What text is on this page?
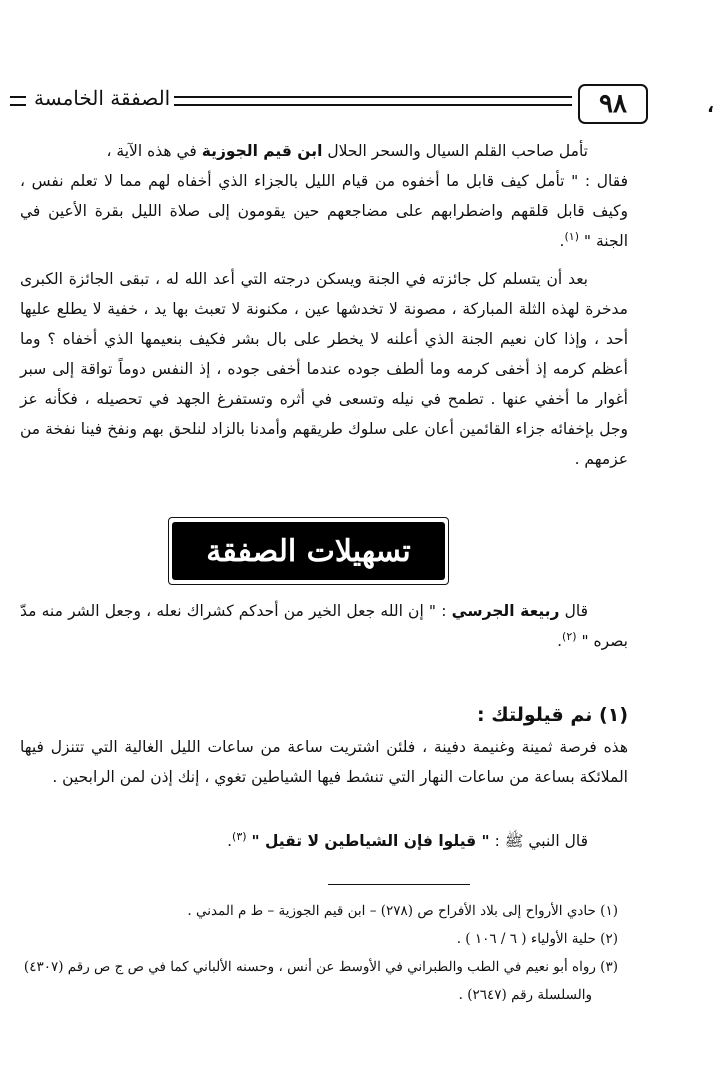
٩٨
الصفقة الخامسة	،

تأمل صاحب القلم السيال والسحر الحلال ابن قيم الجوزية في هذه الآية ،

فقال : " تأمل كيف قابل ما أخفوه من قيام الليل بالجزاء الذي أخفاه لهم مما لا تعلم نفس ، وكيف قابل قلقهم واضطرابهم على مضاجعهم حين يقومون إلى صلاة الليل بقرة الأعين في الجنة " $^{(١)}$.

بعد أن يتسلم كل جائزته في الجنة ويسكن درجته التي أعد الله له ، تبقى الجائزة الكبرى مدخرة لهذه الثلة المباركة ، مصونة لا تخدشها عين ، مكنونة لا تعبث بها يد ، خفية لا يطلع عليها أحد ، وإذا كان نعيم الجنة الذي أعلنه لا يخطر على بال بشر فكيف بنعيمها الذي أخفاه ؟ وما أعظم كرمه إذ أخفى كرمه وما ألطف جوده عندما أخفى جوده ، إذ النفس دوماً تواقة إلى سبر أغوار ما أخفي عنها . تطمح في نيله وتسعى في أثره وتستفرغ الجهد في تحصيله ، فكأنه عز وجل بإخفائه جزاء القائمين أعان على سلوك طريقهم وأمدنا بالزاد لنلحق بهم ونفخ فينا نفخة من عزمهم .

تسهيلات الصفقة

قال ربيعة الجرسي : " إن الله جعل الخير من أحدكم كشراك نعله ، وجعل الشر منه مدّ بصره " $^{(٢)}$.

(١) نم قيلولتك :

هذه فرصة ثمينة وغنيمة دفينة ، فلئن اشتريت ساعة من ساعات الليل الغالية التي تتنزل فيها الملائكة بساعة من ساعات النهار التي تنشط فيها الشياطين تغوي ، إنك إذن لمن الرابحين .

قال النبي ﷺ : " قيلوا فإن الشياطين لا تقيل " $^{(٣)}$.

(١) حادي الأرواح إلى بلاد الأفراح ص (٢٧٨) – ابن قيم الجوزية – ط م المدني .

(٢) حلية الأولياء ( ٦ / ١٠٦ ) .

(٣) رواه أبو نعيم في الطب والطبراني في الأوسط عن أنس ، وحسنه الألباني كما في ص ج ص رقم (٤٣٠٧)

والسلسلة رقم (٢٦٤٧) .
